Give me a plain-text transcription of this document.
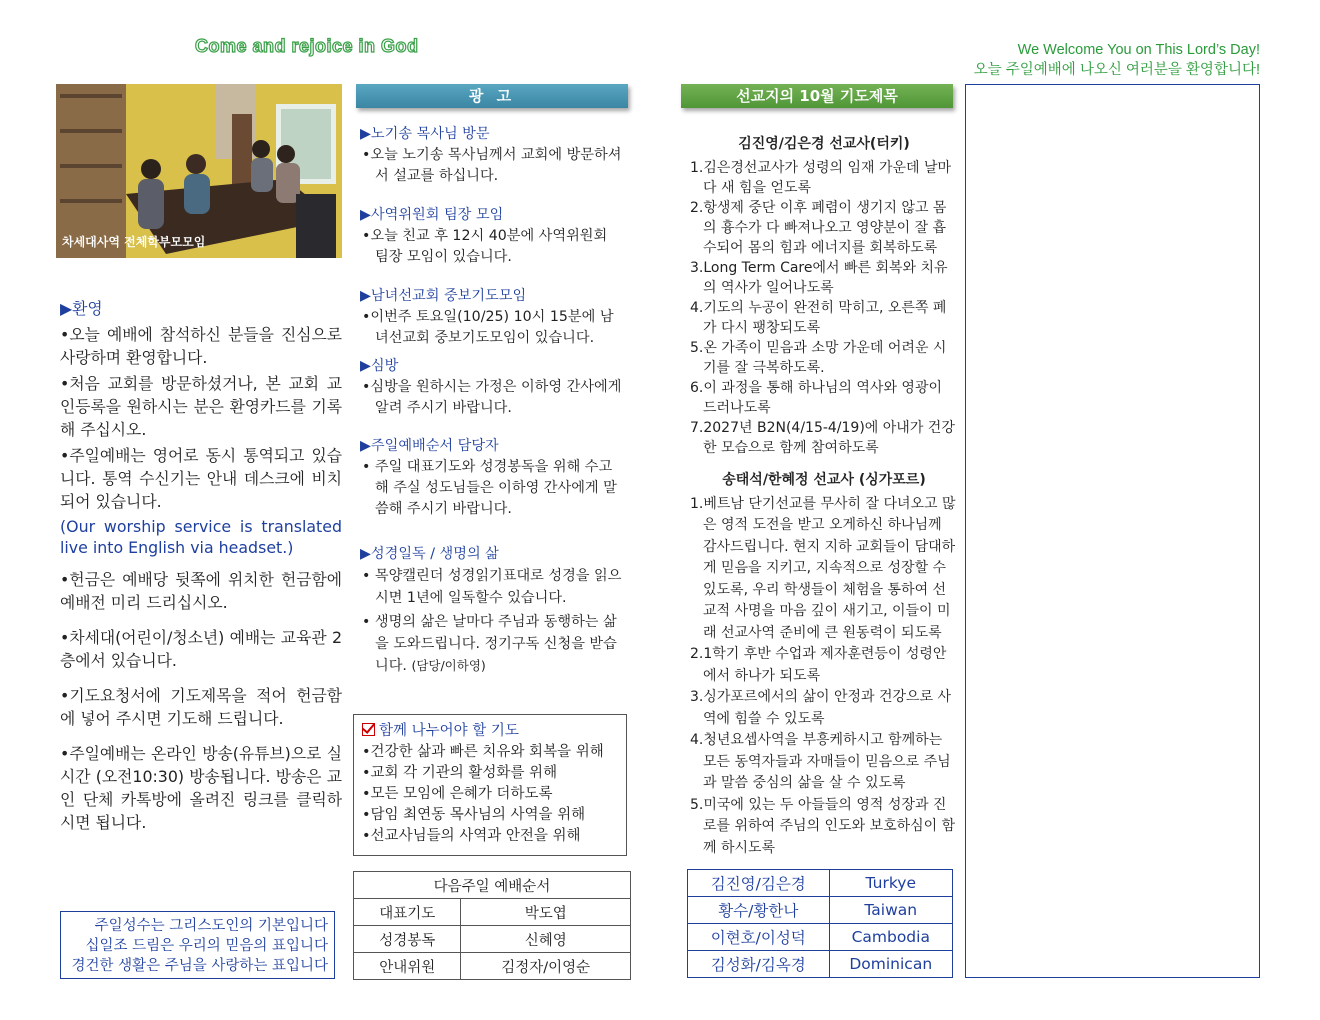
Come and rejoice in God	We Welcome You on This Lord’s Day!
오늘 주일예배에 나오신 여러분을 환영합니다!
차세대사역 전체학부모모임
▶환영

•오늘 예배에 참석하신 분들을 진심으로 사랑하며 환영합니다.

•처음 교회를 방문하셨거나, 본 교회 교인등록을 원하시는 분은 환영카드를 기록해 주십시오.

•주일예배는 영어로 동시 통역되고 있습니다. 통역 수신기는 안내 데스크에 비치되어 있습니다.

(Our worship service is translated live into English via headset.)

•헌금은 예배당 뒷쪽에 위치한 헌금함에 예배전 미리 드리십시오.

•차세대(어린이/청소년) 예배는 교육관 2층에서 있습니다.

•기도요청서에 기도제목을 적어 헌금함에 넣어 주시면 기도해 드립니다.

•주일예배는 온라인 방송(유튜브)으로 실시간 (오전10:30) 방송됩니다. 방송은 교인 단체 카톡방에 올려진 링크를 클릭하시면 됩니다.

주일성수는 그리스도인의 기본입니다
십일조 드림은 우리의 믿음의 표입니다
경건한 생활은 주님을 사랑하는 표입니다
광 고
▶노기송 목사님 방문
•오늘 노기송 목사님께서 교회에 방문하셔서 설교를 하십니다.
▶사역위원회 팀장 모임
•오늘 친교 후 12시 40분에 사역위원회 팀장 모임이 있습니다.
▶남녀선교회 중보기도모임
•이번주 토요일(10/25) 10시 15분에 남녀선교회 중보기도모임이 있습니다.
▶심방
•심방을 원하시는 가정은 이하영 간사에게 알려 주시기 바랍니다.
▶주일예배순서 담당자
• 주일 대표기도와 성경봉독을 위해 수고해 주실 성도님들은 이하영 간사에게 말씀해 주시기 바랍니다.
▶성경일독 / 생명의 삶
• 목양캘린더 성경읽기표대로 성경을 읽으시면 1년에 일독할수 있습니다.
• 생명의 삶은 날마다 주님과 동행하는 삶을 도와드립니다. 정기구독 신청을 받습니다. (담당/이하영)
함께 나누어야 할 기도
•건강한 삶과 빠른 치유와 회복을 위해
•교회 각 기관의 활성화를 위해
•모든 모임에 은혜가 더하도록
•담임 최연동 목사님의 사역을 위해
•선교사님들의 사역과 안전을 위해
다음주일 예배순서	
대표기도	박도엽
성경봉독	신혜영
안내위원	김정자/이영순
선교지의 10월 기도제목
김진영/김은경 선교사(터키)
1.김은경선교사가 성령의 임재 가운데 날마다 새 힘을 얻도록
2.항생제 중단 이후 폐렴이 생기지 않고 몸의 흉수가 다 빠져나오고 영양분이 잘 흡수되어 몸의 힘과 에너지를 회복하도록
3.Long Term Care에서 빠른 회복와 치유의 역사가 일어나도록
4.기도의 누공이 완전히 막히고, 오른쪽 폐가 다시 팽창되도록
5.온 가족이 믿음과 소망 가운데 어려운 시기를 잘 극복하도록.
6.이 과정을 통해 하나님의 역사와 영광이 드러나도록
7.2027년 B2N(4/15-4/19)에 아내가 건강한 모습으로 함께 참여하도록
송태석/한혜정 선교사 (싱가포르)
1.베트남 단기선교를 무사히 잘 다녀오고 많은 영적 도전을 받고 오게하신 하나님께 감사드립니다. 현지 지하 교회들이 담대하게 믿음을 지키고, 지속적으로 성장할 수 있도록, 우리 학생들이 체험을 통하여 선교적 사명을 마음 깊이 새기고, 이들이 미래 선교사역 준비에 큰 원동력이 되도록
2.1학기 후반 수업과 제자훈련등이 성령안에서 하나가 되도록
3.싱가포르에서의 삶이 안정과 건강으로 사역에 힘쓸 수 있도록
4.청년요셉사역을 부흥케하시고 함께하는 모든 동역자들과 자매들이 믿음으로 주님과 말씀 중심의 삶을 살 수 있도록
5.미국에 있는 두 아들들의 영적 성장과 진로를 위하여 주님의 인도와 보호하심이 함께 하시도록
김진영/김은경	Turkye
황수/황한나	Taiwan
이현호/이성덕	Cambodia
김성화/김옥경	Dominican
